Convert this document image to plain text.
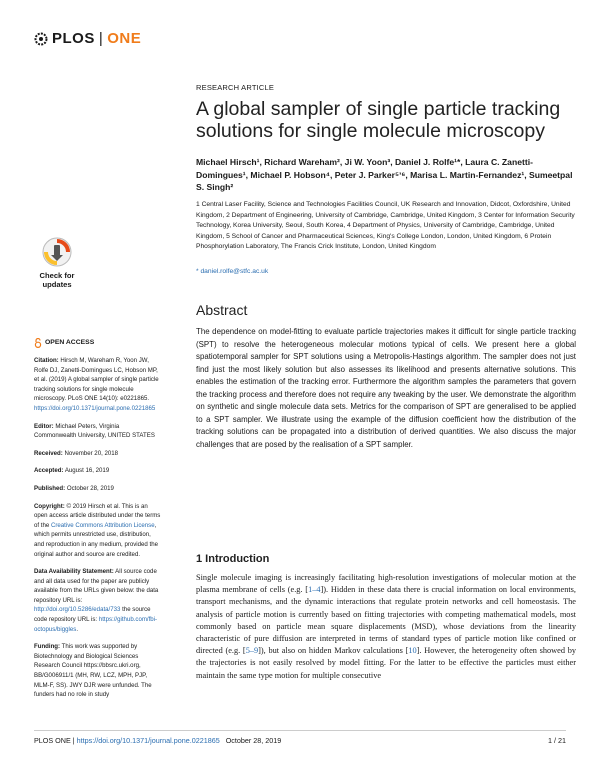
PLOS | ONE
RESEARCH ARTICLE
A global sampler of single particle tracking solutions for single molecule microscopy
Michael Hirsch¹, Richard Wareham², Ji W. Yoon³, Daniel J. Rolfe¹*, Laura C. Zanetti-Domingues¹, Michael P. Hobson⁴, Peter J. Parker⁵ʼ⁶, Marisa L. Martin-Fernandez¹, Sumeetpal S. Singh²
1 Central Laser Facility, Science and Technologies Facilities Council, UK Research and Innovation, Didcot, Oxfordshire, United Kingdom, 2 Department of Engineering, University of Cambridge, Cambridge, United Kingdom, 3 Center for Information Security Technology, Korea University, Seoul, South Korea, 4 Department of Physics, University of Cambridge, Cambridge, United Kingdom, 5 School of Cancer and Pharmaceutical Sciences, King's College London, London, United Kingdom, 6 Protein Phosphorylation Laboratory, The Francis Crick Institute, London, United Kingdom
* daniel.rolfe@stfc.ac.uk
Check for
updates
Abstract
The dependence on model-fitting to evaluate particle trajectories makes it difficult for single particle tracking (SPT) to resolve the heterogeneous molecular motions typical of cells. We present here a global spatiotemporal sampler for SPT solutions using a Metropolis-Hastings algorithm. The sampler does not just find just the most likely solution but also assesses its likelihood and presents alternative solutions. This enables the estimation of the tracking error. Furthermore the algorithm samples the parameters that govern the tracking process and therefore does not require any tweaking by the user. We demonstrate the algorithm on synthetic and single molecule data sets. Metrics for the comparison of SPT are generalised to be applied to a SPT sampler. We illustrate using the example of the diffusion coefficient how the distribution of the tracking solutions can be propagated into a distribution of derived quantities. We also discuss the major challenges that are posed by the realisation of a SPT sampler.
OPEN ACCESS
Citation: Hirsch M, Wareham R, Yoon JW, Rolfe DJ, Zanetti-Domingues LC, Hobson MP, et al. (2019) A global sampler of single particle tracking solutions for single molecule microscopy. PLoS ONE 14(10): e0221865. https://doi.org/10.1371/journal.pone.0221865
Editor: Michael Peters, Virginia Commonwealth University, UNITED STATES
Received: November 20, 2018
Accepted: August 16, 2019
Published: October 28, 2019
Copyright: © 2019 Hirsch et al. This is an open access article distributed under the terms of the Creative Commons Attribution License, which permits unrestricted use, distribution, and reproduction in any medium, provided the original author and source are credited.
Data Availability Statement: All source code and all data used for the paper are publicly available from the URLs given below: the data repository URL is: http://doi.org/10.5286/edata/733 the source code repository URL is: https://github.com/fbi-octopus/biggles.
Funding: This work was supported by Biotechnology and Biological Sciences Research Council https://bbsrc.ukri.org, BB/G006911/1 (MH, RW, LCZ, MPH, PJP, MLM-F, SS). JWY DJR were unfunded. The funders had no role in study
1 Introduction
Single molecule imaging is increasingly facilitating high-resolution investigations of molecular motion at the plasma membrane of cells (e.g. [1–4]). Hidden in these data there is crucial information on local environments, transport mechanisms, and the dynamic interactions that regulate protein networks and cell homeostasis. The analysis of particle motion is currently based on fitting trajectories with competing mathematical models, most commonly based on particle mean square displacements (MSD), whose deviations from the linearity characteristic of pure diffusion are interpreted in terms of standard types of particle motion like confined or directed (e.g. [5–9]), but also on hidden Markov calculations [10]. However, the heterogeneity often showed by the trajectories is not easily resolved by model fitting. For the latter to be effective the particles must either maintain the same type motion for multiple consecutive
PLOS ONE | https://doi.org/10.1371/journal.pone.0221865 October 28, 2019	1 / 21
